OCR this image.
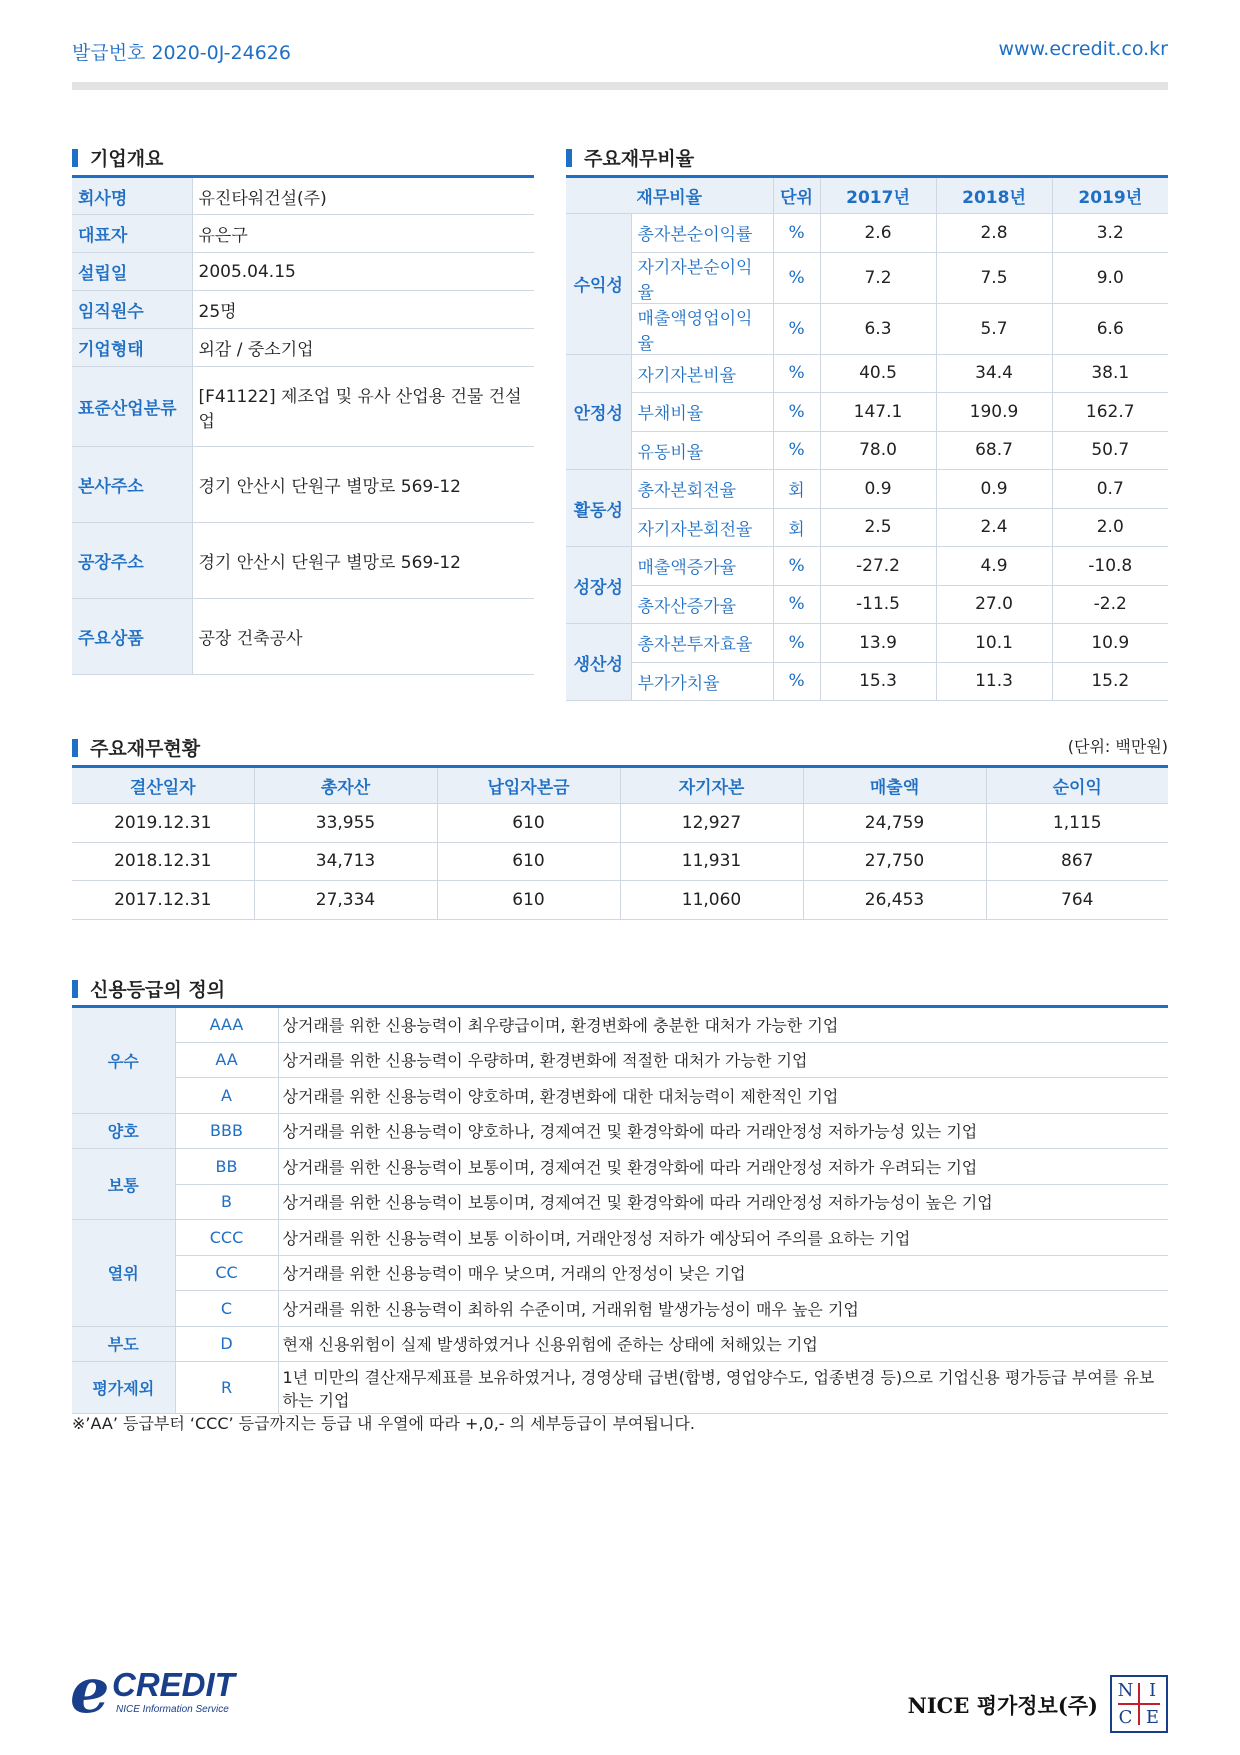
발급번호 2020-0J-24626	www.ecredit.co.kr
기업개요
회사명	유진타워건설(주)
대표자	유은구
설립일	2005.04.15
임직원수	25명
기업형태	외감 / 중소기업
표준산업분류	[F41122] 제조업 및 유사 산업용 건물 건설업
본사주소	경기 안산시 단원구 별망로 569-12
공장주소	경기 안산시 단원구 별망로 569-12
주요상품	공장 건축공사
주요재무비율
재무비율		단위	2017년	2018년	2019년
수익성	총자본순이익률	%	2.6	2.8	3.2
	자기자본순이익율	%	7.2	7.5	9.0
	매출액영업이익율	%	6.3	5.7	6.6
안정성	자기자본비율	%	40.5	34.4	38.1
	부채비율	%	147.1	190.9	162.7
	유동비율	%	78.0	68.7	50.7
활동성	총자본회전율	회	0.9	0.9	0.7
	자기자본회전율	회	2.5	2.4	2.0
성장성	매출액증가율	%	-27.2	4.9	-10.8
	총자산증가율	%	-11.5	27.0	-2.2
생산성	총자본투자효율	%	13.9	10.1	10.9
	부가가치율	%	15.3	11.3	15.2
주요재무현황	(단위: 백만원)
결산일자	총자산	납입자본금	자기자본	매출액	순이익
2019.12.31	33,955	610	12,927	24,759	1,115
2018.12.31	34,713	610	11,931	27,750	867
2017.12.31	27,334	610	11,060	26,453	764
신용등급의 정의
우수	AAA	상거래를 위한 신용능력이 최우량급이며, 환경변화에 충분한 대처가 가능한 기업
	AA	상거래를 위한 신용능력이 우량하며, 환경변화에 적절한 대처가 가능한 기업
	A	상거래를 위한 신용능력이 양호하며, 환경변화에 대한 대처능력이 제한적인 기업
양호	BBB	상거래를 위한 신용능력이 양호하나, 경제여건 및 환경악화에 따라 거래안정성 저하가능성 있는 기업
보통	BB	상거래를 위한 신용능력이 보통이며, 경제여건 및 환경악화에 따라 거래안정성 저하가 우려되는 기업
	B	상거래를 위한 신용능력이 보통이며, 경제여건 및 환경악화에 따라 거래안정성 저하가능성이 높은 기업
열위	CCC	상거래를 위한 신용능력이 보통 이하이며, 거래안정성 저하가 예상되어 주의를 요하는 기업
	CC	상거래를 위한 신용능력이 매우 낮으며, 거래의 안정성이 낮은 기업
	C	상거래를 위한 신용능력이 최하위 수준이며, 거래위험 발생가능성이 매우 높은 기업
부도	D	현재 신용위험이 실제 발생하였거나 신용위험에 준하는 상태에 처해있는 기업
평가제외	R	1년 미만의 결산재무제표를 보유하였거나, 경영상태 급변(합병, 영업양수도, 업종변경 등)으로 기업신용 평가등급 부여를 유보하는 기업
※’AA’ 등급부터 ‘CCC’ 등급까지는 등급 내 우열에 따라 +,0,- 의 세부등급이 부여됩니다.
e CREDIT
NICE Information Service	NICE 평가정보(주)
N I
C E
